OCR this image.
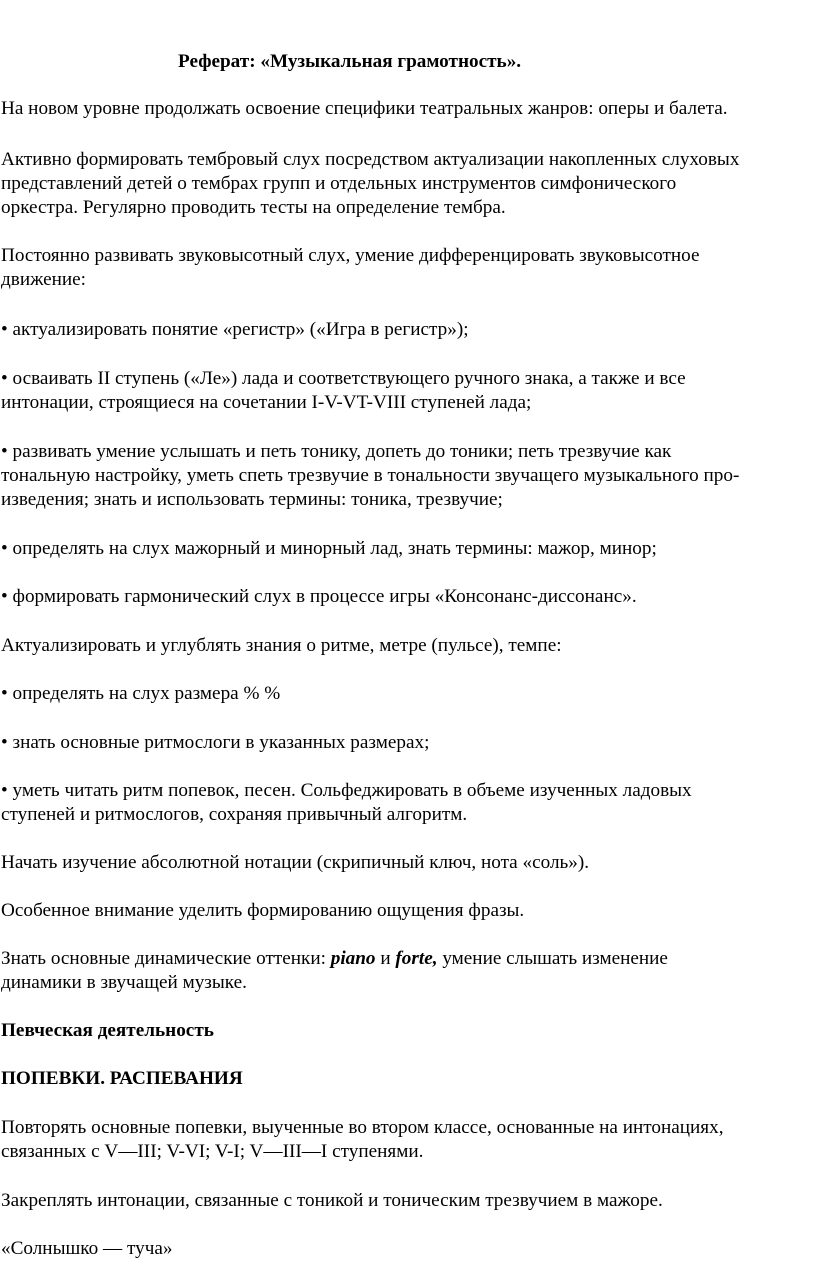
Реферат: «Музыкальная грамотность».
На новом уровне продолжать освоение специфики театральных жанров: оперы и балета.
Активно формировать тембровый слух посредством актуализации накопленных слуховых
представлений детей о тембрах групп и отдельных инструментов симфонического
оркестра. Регулярно проводить тесты на определение тембра.
Постоянно развивать звуковысотный слух, умение дифференцировать звуковысотное
движение:
• актуализировать понятие «регистр» («Игра в регистр»);
• осваивать II ступень («Ле») лада и соответствующего ручного знака, а также и все
интонации, строящиеся на сочетании I-V-VT-VIII ступеней лада;
• развивать умение услышать и петь тонику, допеть до тоники; петь трезвучие как
тональную настройку, уметь спеть трезвучие в тональности звучащего музыкального про-
изведения; знать и использовать термины: тоника, трезвучие;
• определять на слух мажорный и минорный лад, знать термины: мажор, минор;
• формировать гармонический слух в процессе игры «Консонанс-диссонанс».
Актуализировать и углублять знания о ритме, метре (пульсе), темпе:
• определять на слух размера % %
• знать основные ритмослоги в указанных размерах;
• уметь читать ритм попевок, песен. Сольфеджировать в объеме изученных ладовых
ступеней и ритмослогов, сохраняя привычный алгоритм.
Начать изучение абсолютной нотации (скрипичный ключ, нота «соль»).
Особенное внимание уделить формированию ощущения фразы.
Знать основные динамические оттенки: piano и forte, умение слышать изменение
динамики в звучащей музыке.
Певческая деятельность
ПОПЕВКИ. РАСПЕВАНИЯ
Повторять основные попевки, выученные во втором классе, основанные на интонациях,
связанных с V—III; V-VI; V-I; V—III—I ступенями.
Закреплять интонации, связанные с тоникой и тоническим трезвучием в мажоре.
«Солнышко — туча»
